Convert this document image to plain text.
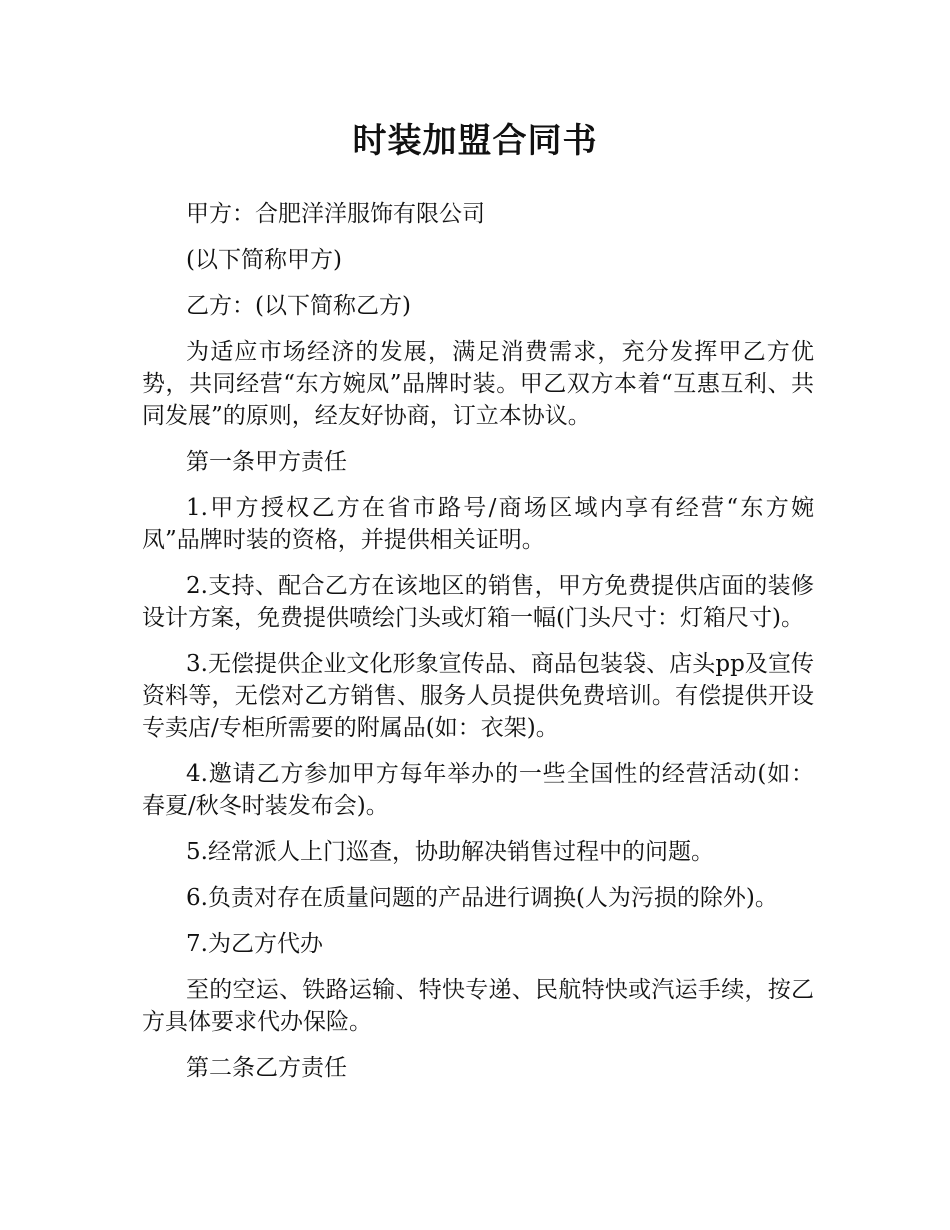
时装加盟合同书

甲方：合肥洋洋服饰有限公司

(以下简称甲方)

乙方：(以下简称乙方)

为适应市场经济的发展，满足消费需求，充分发挥甲乙方优势，共同经营“东方婉凤”品牌时装。甲乙双方本着“互惠互利、共同发展”的原则，经友好协商，订立本协议。

第一条甲方责任

1.甲方授权乙方在省市路号/商场区域内享有经营“东方婉凤”品牌时装的资格，并提供相关证明。

2.支持、配合乙方在该地区的销售，甲方免费提供店面的装修设计方案，免费提供喷绘门头或灯箱一幅(门头尺寸：灯箱尺寸)。

3.无偿提供企业文化形象宣传品、商品包装袋、店头pp及宣传资料等，无偿对乙方销售、服务人员提供免费培训。有偿提供开设专卖店/专柜所需要的附属品(如：衣架)。

4.邀请乙方参加甲方每年举办的一些全国性的经营活动(如：春夏/秋冬时装发布会)。

5.经常派人上门巡查，协助解决销售过程中的问题。

6.负责对存在质量问题的产品进行调换(人为污损的除外)。

7.为乙方代办

至的空运、铁路运输、特快专递、民航特快或汽运手续，按乙方具体要求代办保险。

第二条乙方责任
